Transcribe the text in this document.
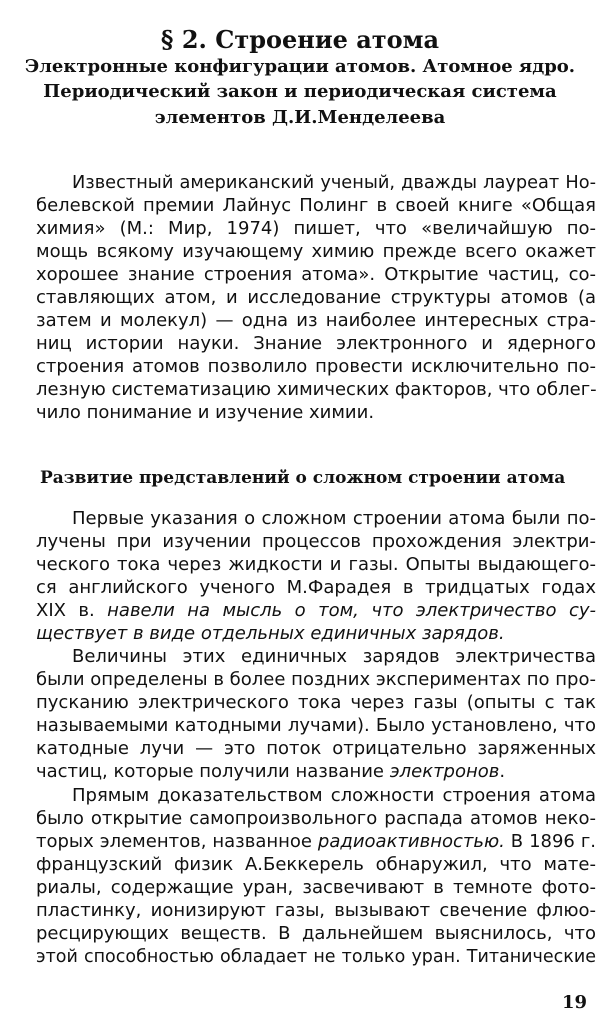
§ 2. Строение атома
Электронные конфигурации атомов. Атомное ядро.
Периодический закон и периодическая система
элементов Д.И.Менделеева
Известный американский ученый, дважды лауреат Но-
белевской премии Лайнус Полинг в своей книге «Общая
химия» (М.: Мир, 1974) пишет, что «величайшую по-
мощь всякому изучающему химию прежде всего окажет
хорошее знание строения атома». Открытие частиц, со-
ставляющих атом, и исследование структуры атомов (а
затем и молекул) — одна из наиболее интересных стра-
ниц истории науки. Знание электронного и ядерного
строения атомов позволило провести исключительно по-
лезную систематизацию химических факторов, что облег-
чило понимание и изучение химии.
Развитие представлений о сложном строении атома
Первые указания о сложном строении атома были по-
лучены при изучении процессов прохождения электри-
ческого тока через жидкости и газы. Опыты выдающего-
ся английского ученого М.Фарадея в тридцатых годах
XIX в. навели на мысль о том, что электричество су-
ществует в виде отдельных единичных зарядов.
Величины этих единичных зарядов электричества
были определены в более поздних экспериментах по про-
пусканию электрического тока через газы (опыты с так
называемыми катодными лучами). Было установлено, что
катодные лучи — это поток отрицательно заряженных
частиц, которые получили название электронов.
Прямым доказательством сложности строения атома
было открытие самопроизвольного распада атомов неко-
торых элементов, названное радиоактивностью. В 1896 г.
французский физик А.Беккерель обнаружил, что мате-
риалы, содержащие уран, засвечивают в темноте фото-
пластинку, ионизируют газы, вызывают свечение флюо-
ресцирующих веществ. В дальнейшем выяснилось, что
этой способностью обладает не только уран. Титанические
19
